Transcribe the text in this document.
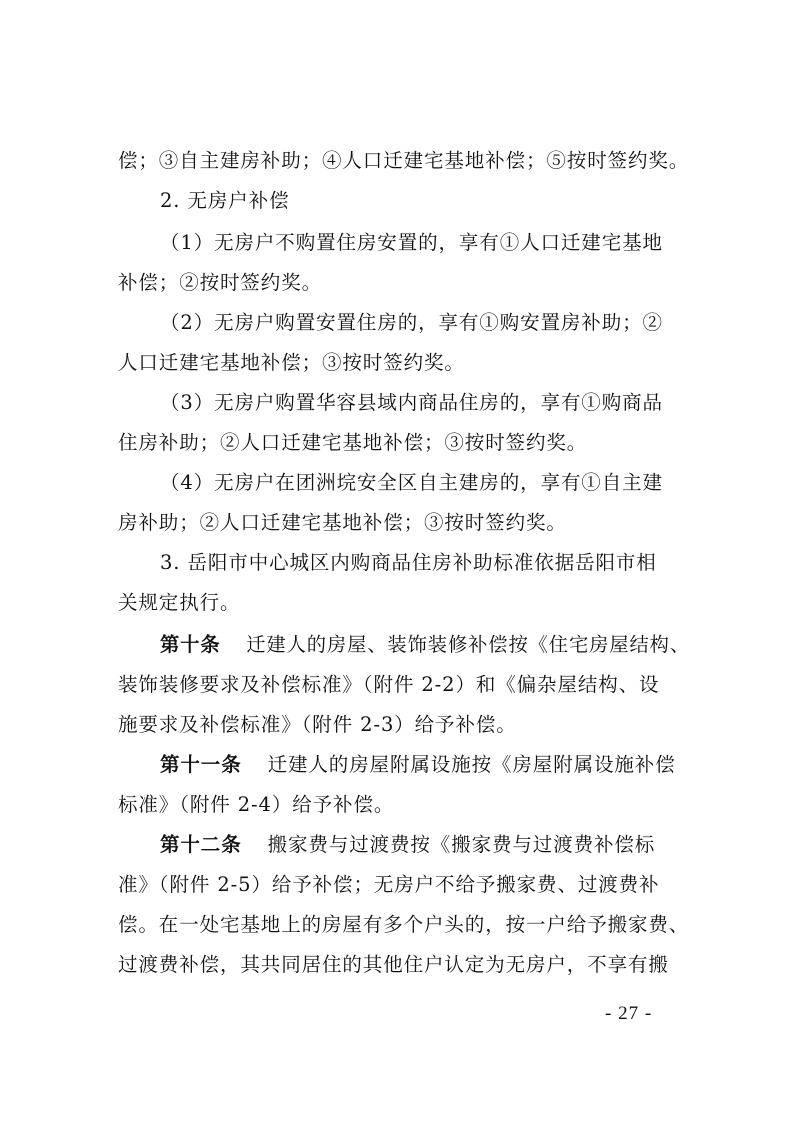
偿；③自主建房补助；④人口迁建宅基地补偿；⑤按时签约奖。
2. 无房户补偿
（1）无房户不购置住房安置的，享有①人口迁建宅基地
补偿；②按时签约奖。
（2）无房户购置安置住房的，享有①购安置房补助；②
人口迁建宅基地补偿；③按时签约奖。
（3）无房户购置华容县域内商品住房的，享有①购商品
住房补助；②人口迁建宅基地补偿；③按时签约奖。
（4）无房户在团洲垸安全区自主建房的，享有①自主建
房补助；②人口迁建宅基地补偿；③按时签约奖。
3. 岳阳市中心城区内购商品住房补助标准依据岳阳市相
关规定执行。
第十条 迁建人的房屋、装饰装修补偿按《住宅房屋结构、
装饰装修要求及补偿标准》（附件 2-2）和《偏杂屋结构、设
施要求及补偿标准》（附件 2-3）给予补偿。
第十一条 迁建人的房屋附属设施按《房屋附属设施补偿
标准》（附件 2-4）给予补偿。
第十二条 搬家费与过渡费按《搬家费与过渡费补偿标
准》（附件 2-5）给予补偿；无房户不给予搬家费、过渡费补
偿。在一处宅基地上的房屋有多个户头的，按一户给予搬家费、
过渡费补偿，其共同居住的其他住户认定为无房户，不享有搬
- 27 -
